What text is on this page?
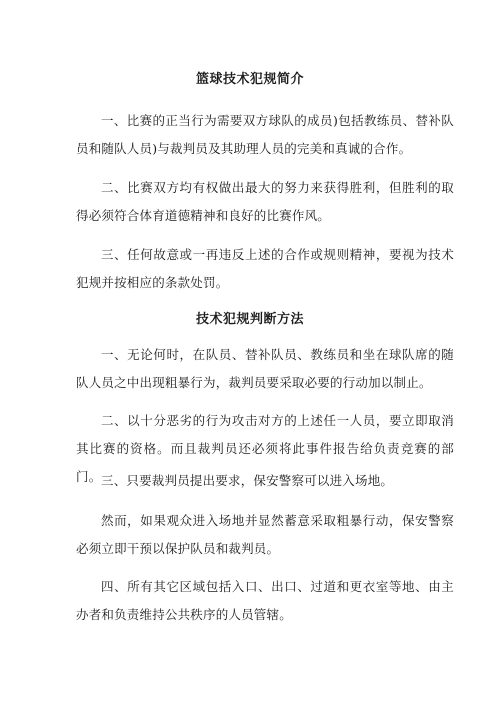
篮球技术犯规简介

一、比赛的正当行为需要双方球队的成员)包括教练员、替补队员和随队人员)与裁判员及其助理人员的完美和真诚的合作。

二、比赛双方均有权做出最大的努力来获得胜利，但胜利的取得必须符合体育道德精神和良好的比赛作风。

三、任何故意或一再违反上述的合作或规则精神，要视为技术犯规并按相应的条款处罚。

技术犯规判断方法

一、无论何时，在队员、替补队员、教练员和坐在球队席的随队人员之中出现粗暴行为，裁判员要采取必要的行动加以制止。

二、以十分恶劣的行为攻击对方的上述任一人员，要立即取消其比赛的资格。而且裁判员还必须将此事件报告给负责竞赛的部门。 三、只要裁判员提出要求，保安警察可以进入场地。

然而，如果观众进入场地并显然蓄意采取粗暴行动，保安警察必须立即干预以保护队员和裁判员。

四、所有其它区域包括入口、出口、过道和更衣室等地、由主办者和负责维持公共秩序的人员管辖。
